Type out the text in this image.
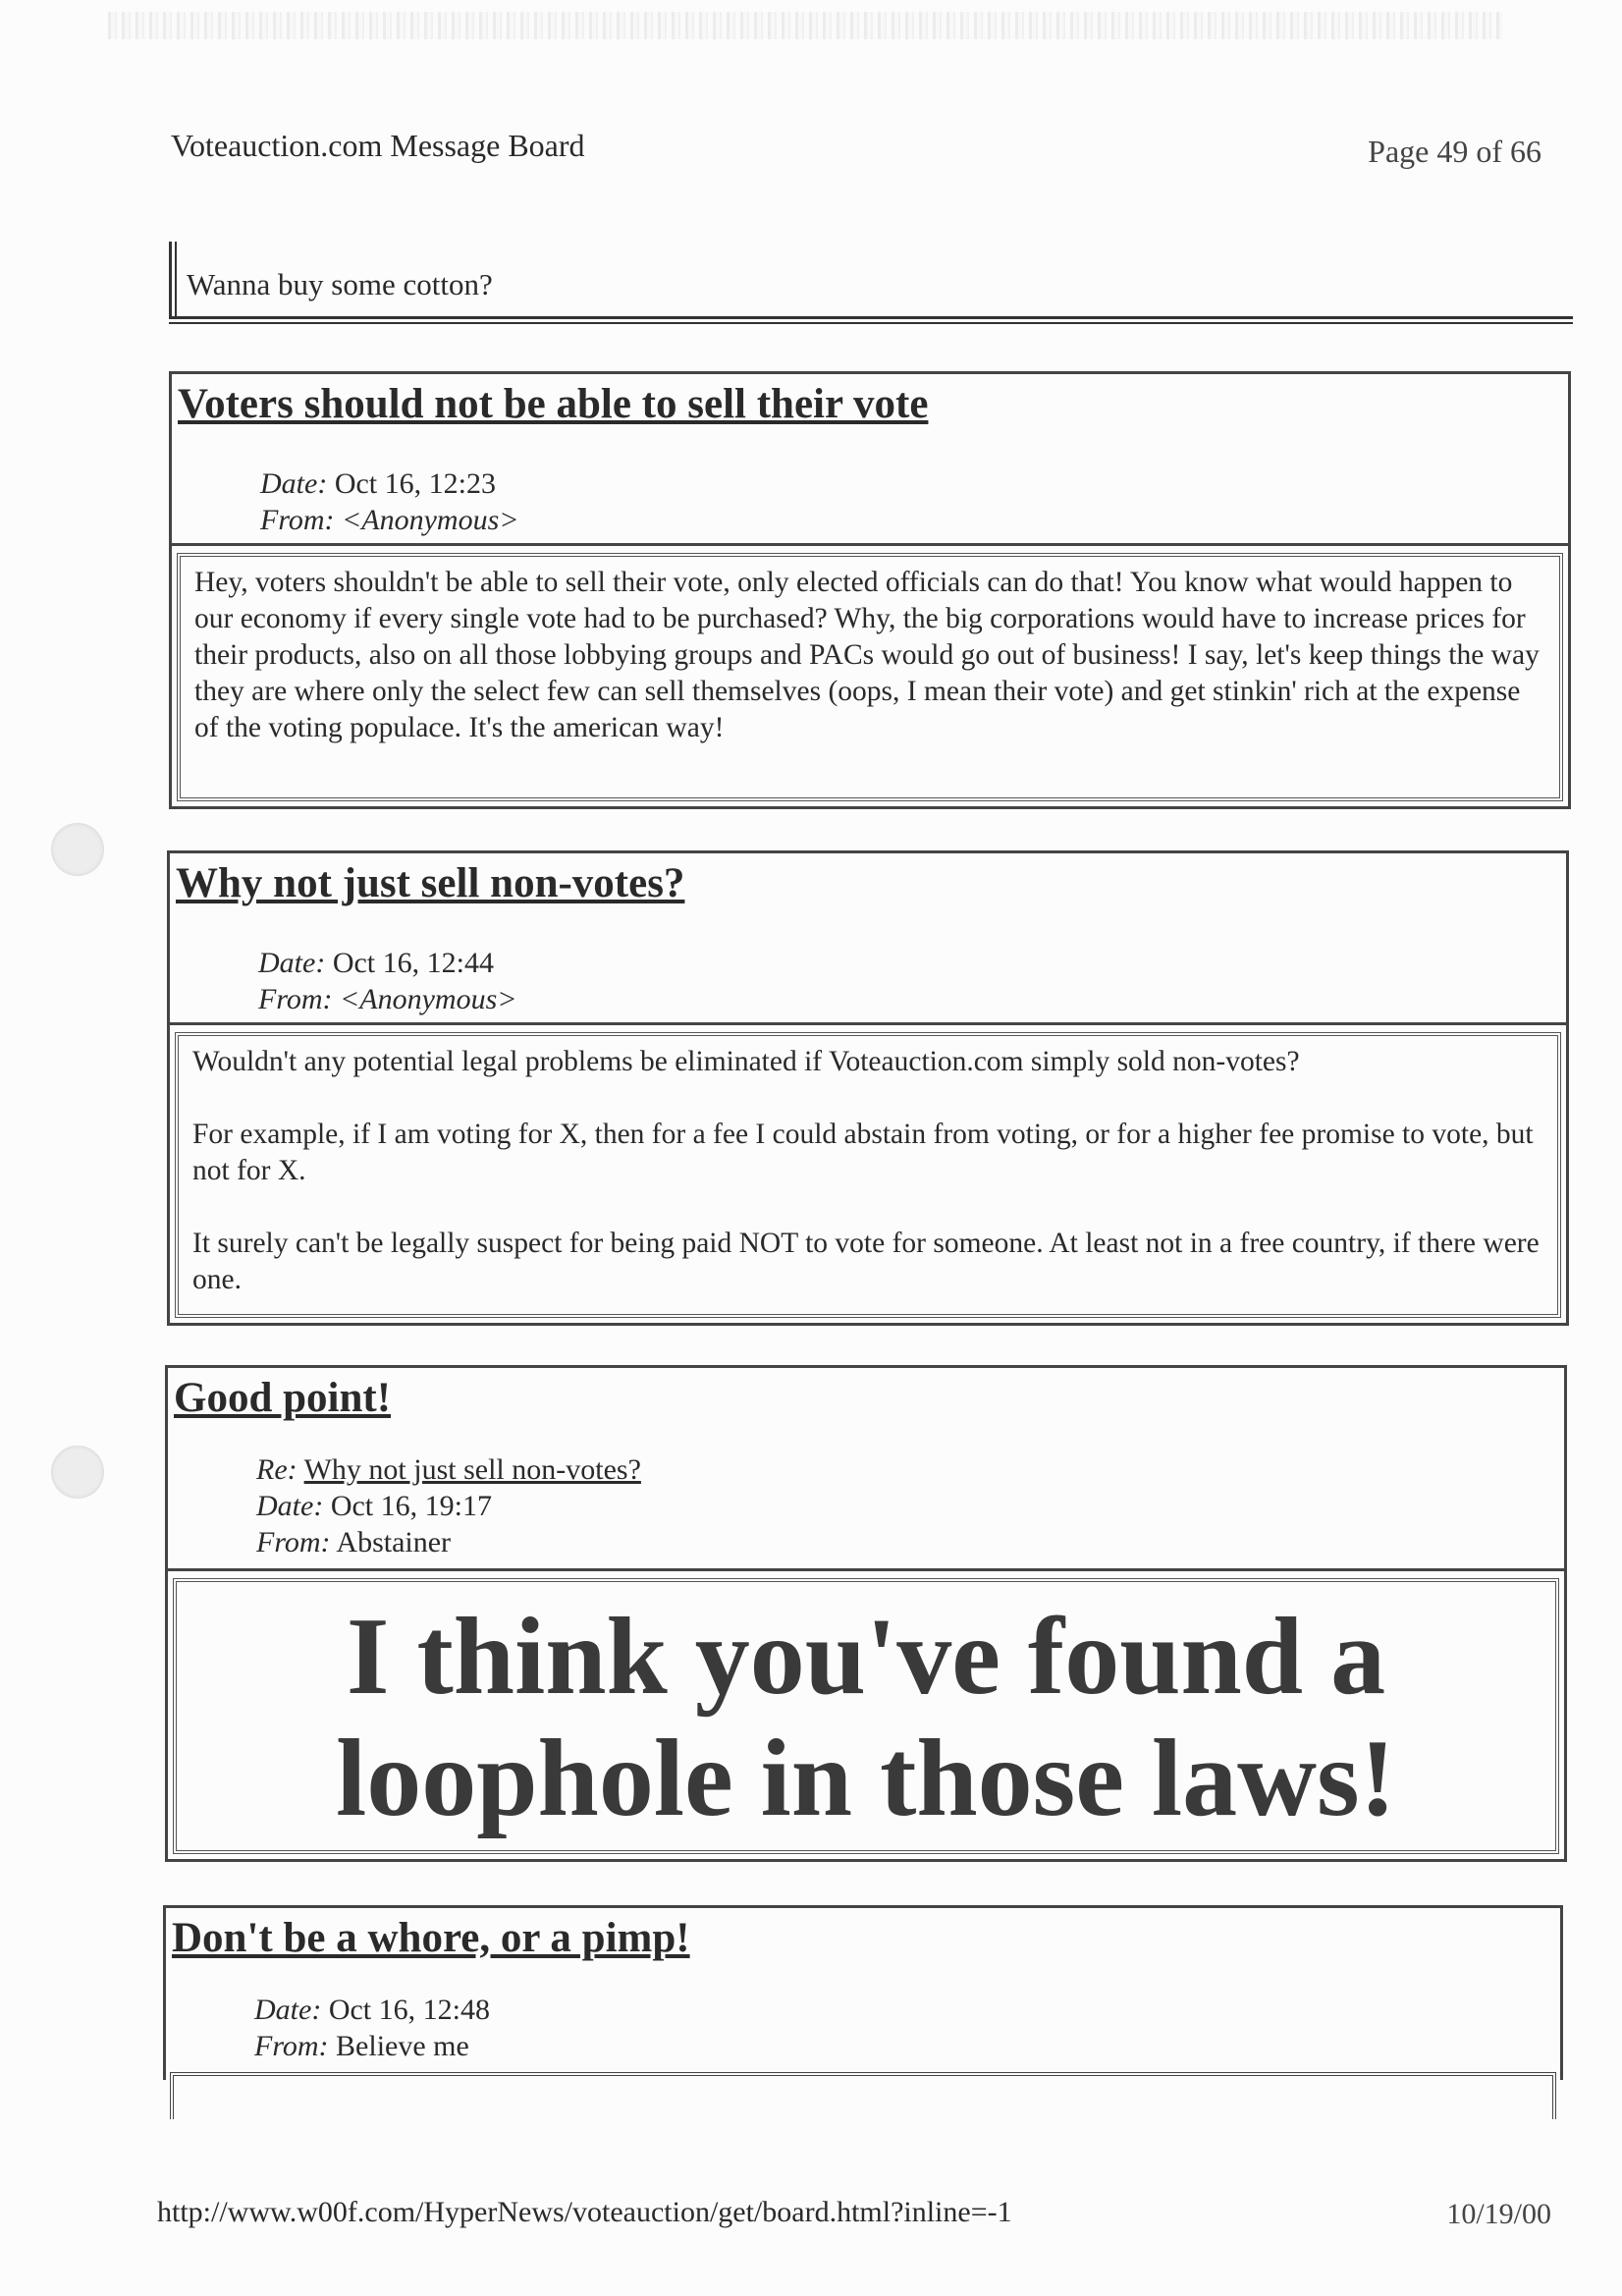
Voteauction.com Message Board	Page 49 of 66
Wanna buy some cotton?
Voters should not be able to sell their vote
Date: Oct 16, 12:23
From: <Anonymous>

Hey, voters shouldn't be able to sell their vote, only elected officials can do that! You know what would happen to our economy if every single vote had to be purchased? Why, the big corporations would have to increase prices for their products, also on all those lobbying groups and PACs would go out of business! I say, let's keep things the way they are where only the select few can sell themselves (oops, I mean their vote) and get stinkin' rich at the expense of the voting populace. It's the american way!

Why not just sell non-votes?
Date: Oct 16, 12:44
From: <Anonymous>

Wouldn't any potential legal problems be eliminated if Voteauction.com simply sold non-votes?

For example, if I am voting for X, then for a fee I could abstain from voting, or for a higher fee promise to vote, but not for X.

It surely can't be legally suspect for being paid NOT to vote for someone. At least not in a free country, if there were one.

Good point!
Re: Why not just sell non-votes?
Date: Oct 16, 19:17
From: Abstainer
I think you've found a loophole in those laws!
Don't be a whore, or a pimp!
Date: Oct 16, 12:48
From: Believe me
http://www.w00f.com/HyperNews/voteauction/get/board.html?inline=-1	10/19/00
